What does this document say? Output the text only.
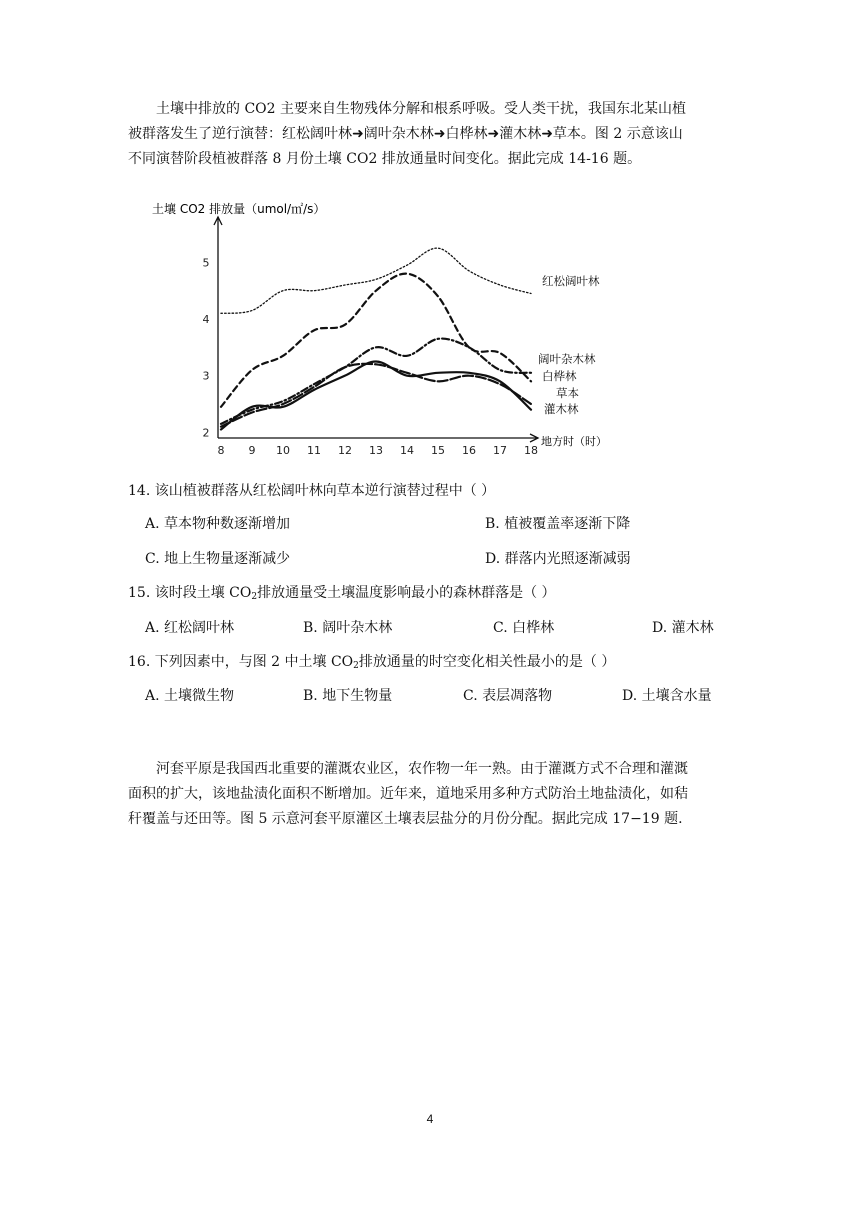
土壤中排放的 CO2 主要来自生物残体分解和根系呼吸。受人类干扰，我国东北某山植
被群落发生了逆行演替：红松阔叶林➜阔叶杂木林➜白桦林➜灌木林➜草本。图 2 示意该山
不同演替阶段植被群落 8 月份土壤 CO2 排放通量时间变化。据此完成 14-16 题。
8 9 10 11 12 13 14 15 16 17 18
2
3
4
5
红松阔叶林
阔叶杂木林
白桦林
草本
灌木林
土壤 CO2 排放量（umol/㎡/s）
地方时（时）
14. 该山植被群落从红松阔叶林向草本逆行演替过程中（ ）
A. 草本物种数逐渐增加	B. 植被覆盖率逐渐下降
C. 地上生物量逐渐减少	D. 群落内光照逐渐减弱
15. 该时段土壤 $CO_2$排放通量受土壤温度影响最小的森林群落是（ ）
A. 红松阔叶林	B. 阔叶杂木林	C. 白桦林	D. 灌木林
16. 下列因素中，与图 2 中土壤 $CO_2$排放通量的时空变化相关性最小的是（ ）
A. 土壤微生物	B. 地下生物量	C. 表层凋落物	D. 土壤含水量
河套平原是我国西北重要的灌溉农业区，农作物一年一熟。由于灌溉方式不合理和灌溉
面积的扩大，该地盐渍化面积不断增加。近年来，道地采用多种方式防治土地盐渍化，如秸
秆覆盖与还田等。图 5 示意河套平原灌区土壤表层盐分的月份分配。据此完成 17−19 题.
4
